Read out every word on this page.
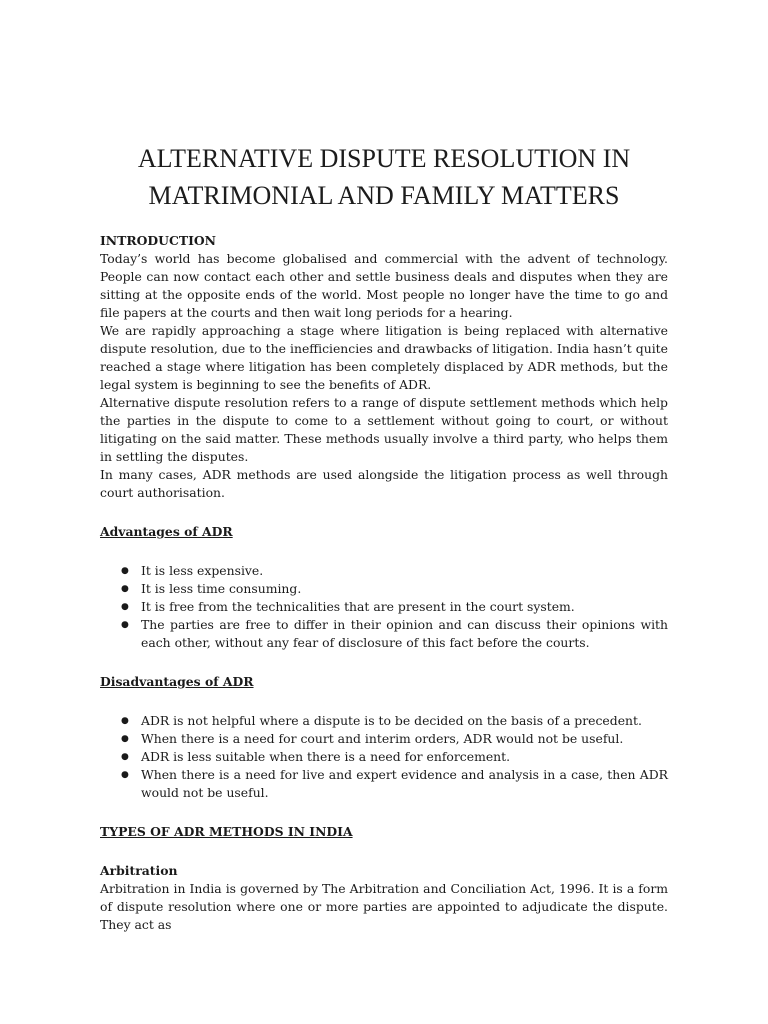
ALTERNATIVE DISPUTE RESOLUTION IN
MATRIMONIAL AND FAMILY MATTERS
INTRODUCTION

Today’s world has become globalised and commercial with the advent of technology. People can now contact each other and settle business deals and disputes when they are sitting at the opposite ends of the world. Most people no longer have the time to go and file papers at the courts and then wait long periods for a hearing.

We are rapidly approaching a stage where litigation is being replaced with alternative dispute resolution, due to the inefficiencies and drawbacks of litigation. India hasn’t quite reached a stage where litigation has been completely displaced by ADR methods, but the legal system is beginning to see the benefits of ADR.

Alternative dispute resolution refers to a range of dispute settlement methods which help the parties in the dispute to come to a settlement without going to court, or without litigating on the said matter. These methods usually involve a third party, who helps them in settling the disputes.

In many cases, ADR methods are used alongside the litigation process as well through court authorisation.

Advantages of ADR
● It is less expensive.
● It is less time consuming.
● It is free from the technicalities that are present in the court system.
● The parties are free to differ in their opinion and can discuss their opinions with each other, without any fear of disclosure of this fact before the courts.
Disadvantages of ADR
● ADR is not helpful where a dispute is to be decided on the basis of a precedent.
● When there is a need for court and interim orders, ADR would not be useful.
● ADR is less suitable when there is a need for enforcement.
● When there is a need for live and expert evidence and analysis in a case, then ADR would not be useful.
TYPES OF ADR METHODS IN INDIA
Arbitration

Arbitration in India is governed by The Arbitration and Conciliation Act, 1996. It is a form of dispute resolution where one or more parties are appointed to adjudicate the dispute. They act as
